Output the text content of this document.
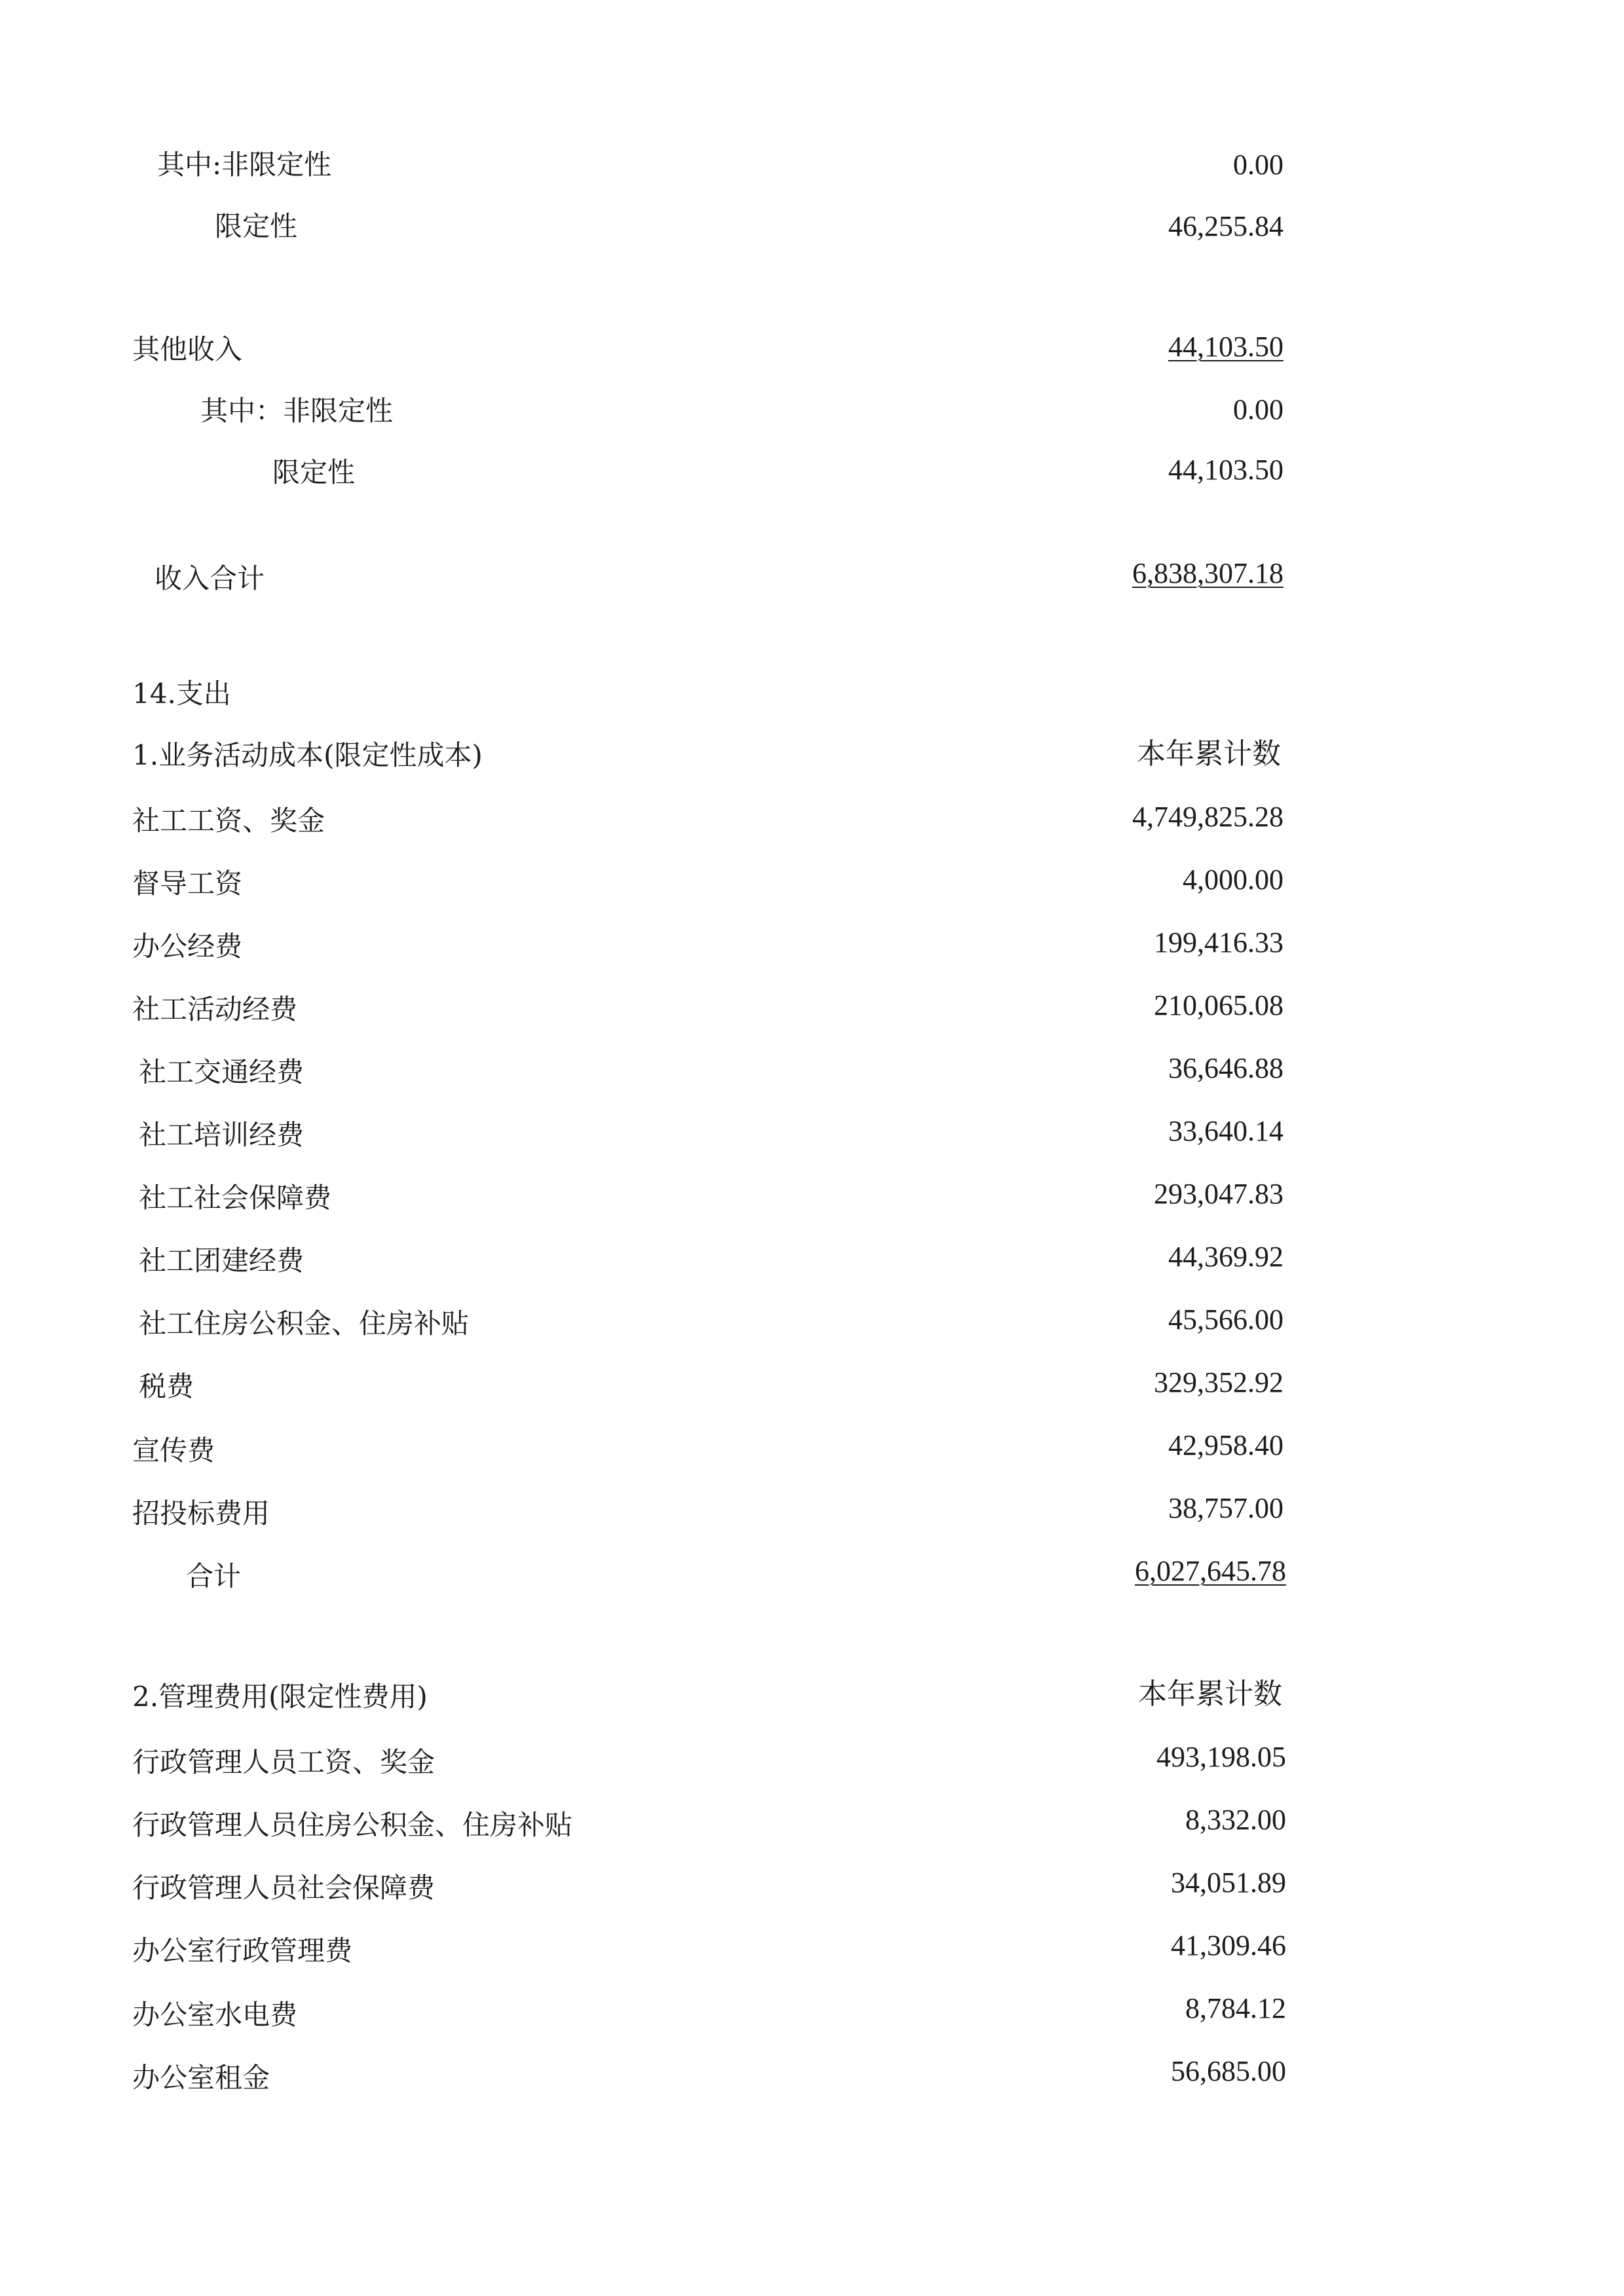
其中:非限定性	0.00
限定性	46,255.84
其他收入	44,103.50
其中：非限定性	0.00
限定性	44,103.50
收入合计	6,838,307.18
14.支出
1.业务活动成本(限定性成本)	本年累计数
社工工资、奖金	4,749,825.28
督导工资	4,000.00
办公经费	199,416.33
社工活动经费	210,065.08
社工交通经费	36,646.88
社工培训经费	33,640.14
社工社会保障费	293,047.83
社工团建经费	44,369.92
社工住房公积金、住房补贴	45,566.00
税费	329,352.92
宣传费	42,958.40
招投标费用	38,757.00
合计	6,027,645.78
2.管理费用(限定性费用)	本年累计数
行政管理人员工资、奖金	493,198.05
行政管理人员住房公积金、住房补贴	8,332.00
行政管理人员社会保障费	34,051.89
办公室行政管理费	41,309.46
办公室水电费	8,784.12
办公室租金	56,685.00
